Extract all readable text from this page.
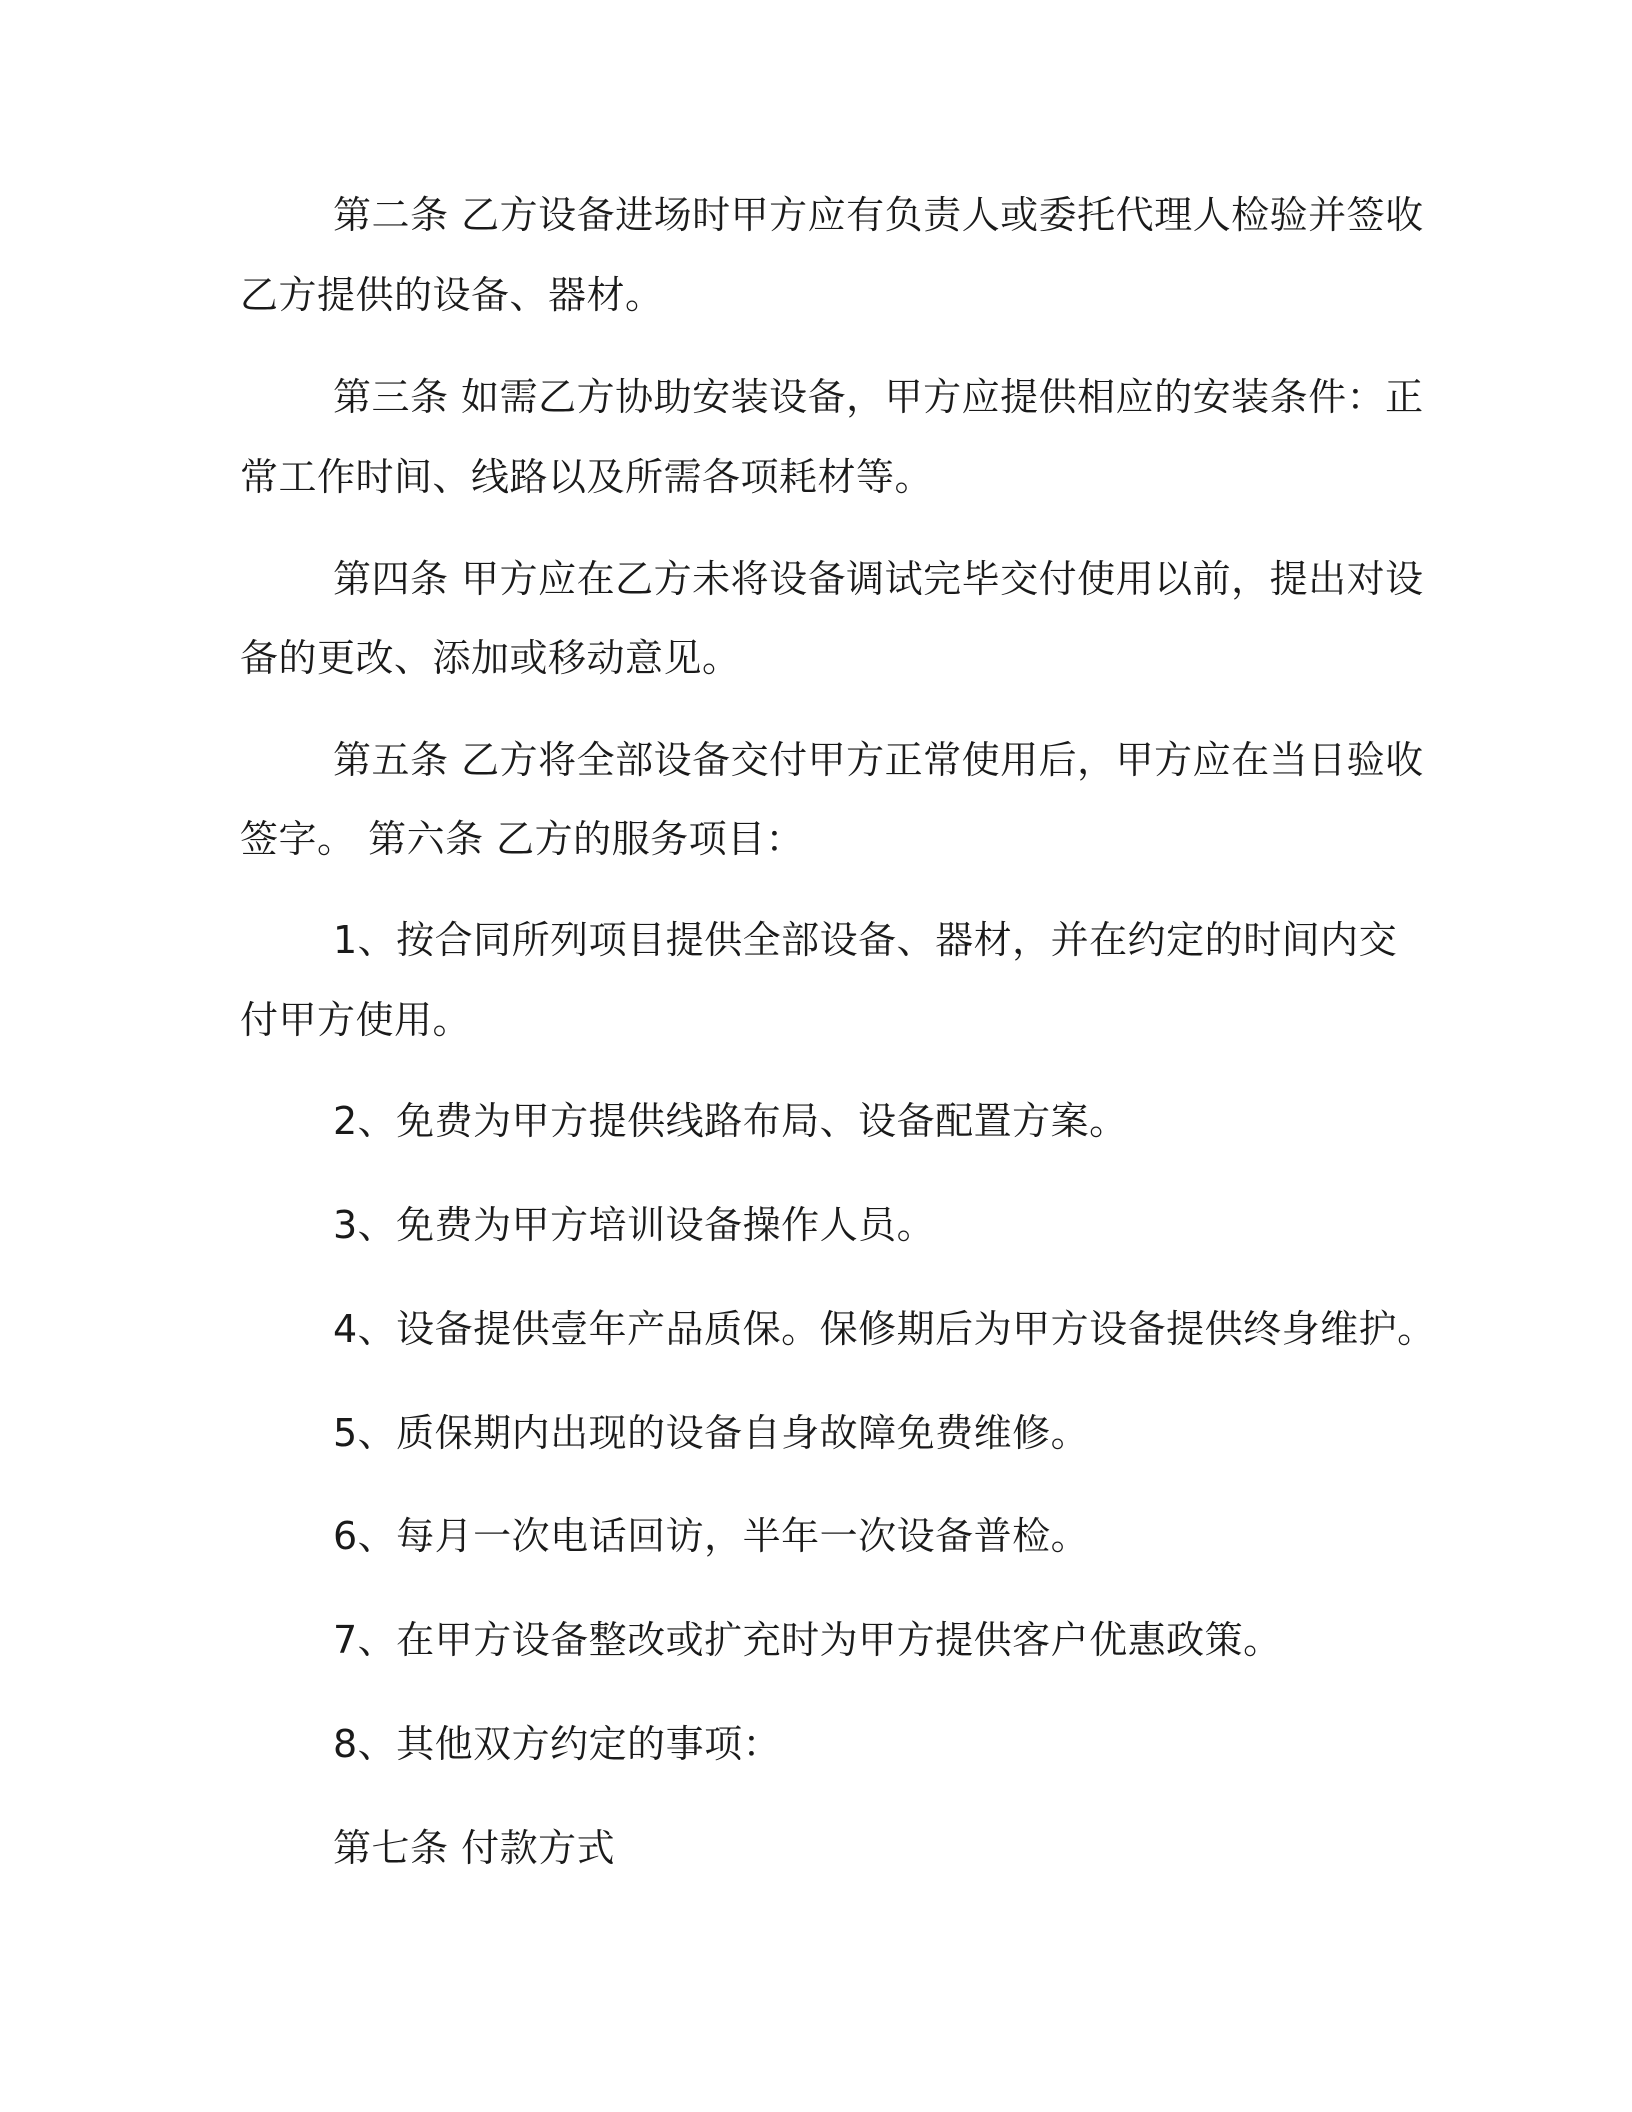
第二条 乙方设备进场时甲方应有负责人或委托代理人检验并签收
乙方提供的设备、器材。
第三条 如需乙方协助安装设备，甲方应提供相应的安装条件：正
常工作时间、线路以及所需各项耗材等。
第四条 甲方应在乙方未将设备调试完毕交付使用以前，提出对设
备的更改、添加或移动意见。
第五条 乙方将全部设备交付甲方正常使用后，甲方应在当日验收
签字。 第六条 乙方的服务项目：
1、按合同所列项目提供全部设备、器材，并在约定的时间内交
付甲方使用。
2、免费为甲方提供线路布局、设备配置方案。
3、免费为甲方培训设备操作人员。
4、设备提供壹年产品质保。保修期后为甲方设备提供终身维护。
5、质保期内出现的设备自身故障免费维修。
6、每月一次电话回访，半年一次设备普检。
7、在甲方设备整改或扩充时为甲方提供客户优惠政策。
8、其他双方约定的事项：
第七条 付款方式
